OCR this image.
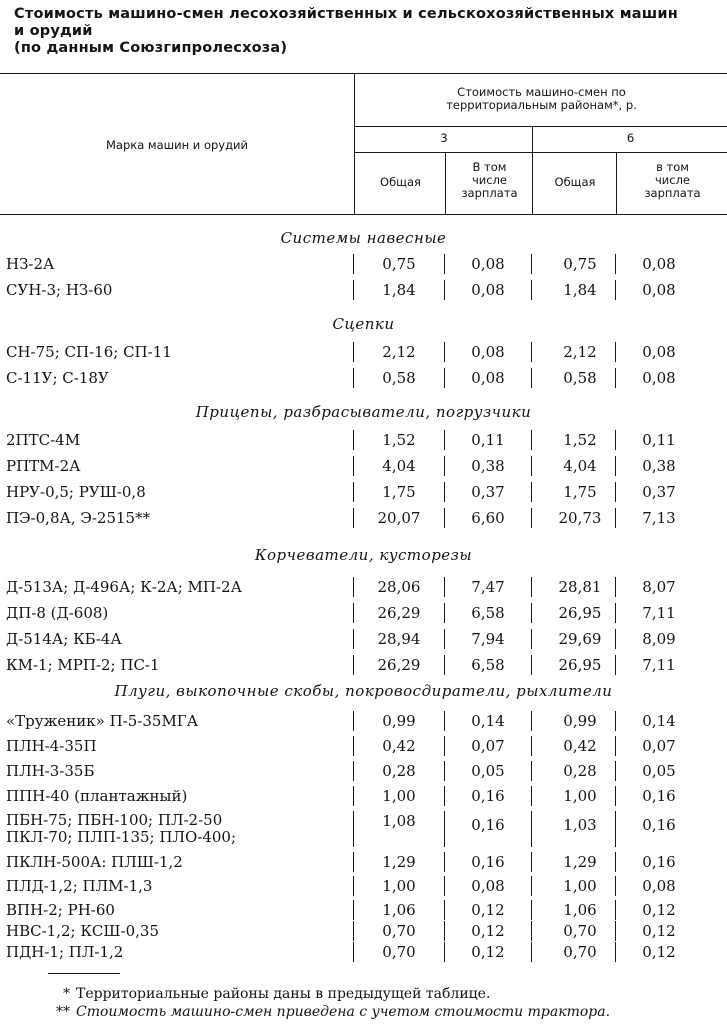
Стоимость машино-смен лесохозяйственных и сельскохозяйственных машин
и орудий
(по данным Союзгипролесхоза)
Марка машин и орудий
Стоимость машино-смен по
территориальным районам*, р.
3	6
Общая
В том
числе
зарплата
Общая
в том
числе
зарплата
Системы навесные
НЗ-2А	0,75	0,08	0,75	0,08
СУН-3; НЗ-60	1,84	0,08	1,84	0,08
Сцепки
СН-75; СП-16; СП-11	2,12	0,08	2,12	0,08
С-11У; С-18У	0,58	0,08	0,58	0,08
Прицепы, разбрасыватели, погрузчики
2ПТС-4М	1,52	0,11	1,52	0,11
РПТМ-2А	4,04	0,38	4,04	0,38
НРУ-0,5; РУШ-0,8	1,75	0,37	1,75	0,37
ПЭ-0,8А, Э-2515**	20,07	6,60	20,73	7,13
Корчеватели, кусторезы
Д-513А; Д-496А; К-2А; МП-2А	28,06	7,47	28,81	8,07
ДП-8 (Д-608)	26,29	6,58	26,95	7,11
Д-514А; КБ-4А	28,94	7,94	29,69	8,09
КМ-1; МРП-2; ПС-1	26,29	6,58	26,95	7,11
Плуги, выкопочные скобы, покровосдиратели, рыхлители
«Труженик» П-5-35МГА	0,99	0,14	0,99	0,14
ПЛН-4-35П	0,42	0,07	0,42	0,07
ПЛН-3-35Б	0,28	0,05	0,28	0,05
ППН-40 (плантажный)	1,00	0,16	1,00	0,16
ПБН-75; ПБН-100; ПЛ-2-50
ПКЛ-70; ПЛП-135; ПЛО-400;
1,08	0,16	1,03	0,16
ПКЛН-500А: ПЛШ-1,2	1,29	0,16	1,29	0,16
ПЛД-1,2; ПЛМ-1,3	1,00	0,08	1,00	0,08
ВПН-2; РН-60	1,06	0,12	1,06	0,12
НВС-1,2; КСШ-0,35	0,70	0,12	0,70	0,12
ПДН-1; ПЛ-1,2	0,70	0,12	0,70	0,12
* Территориальные районы даны в предыдущей таблице.
** Стоимость машино-смен приведена с учетом стоимости трактора.
